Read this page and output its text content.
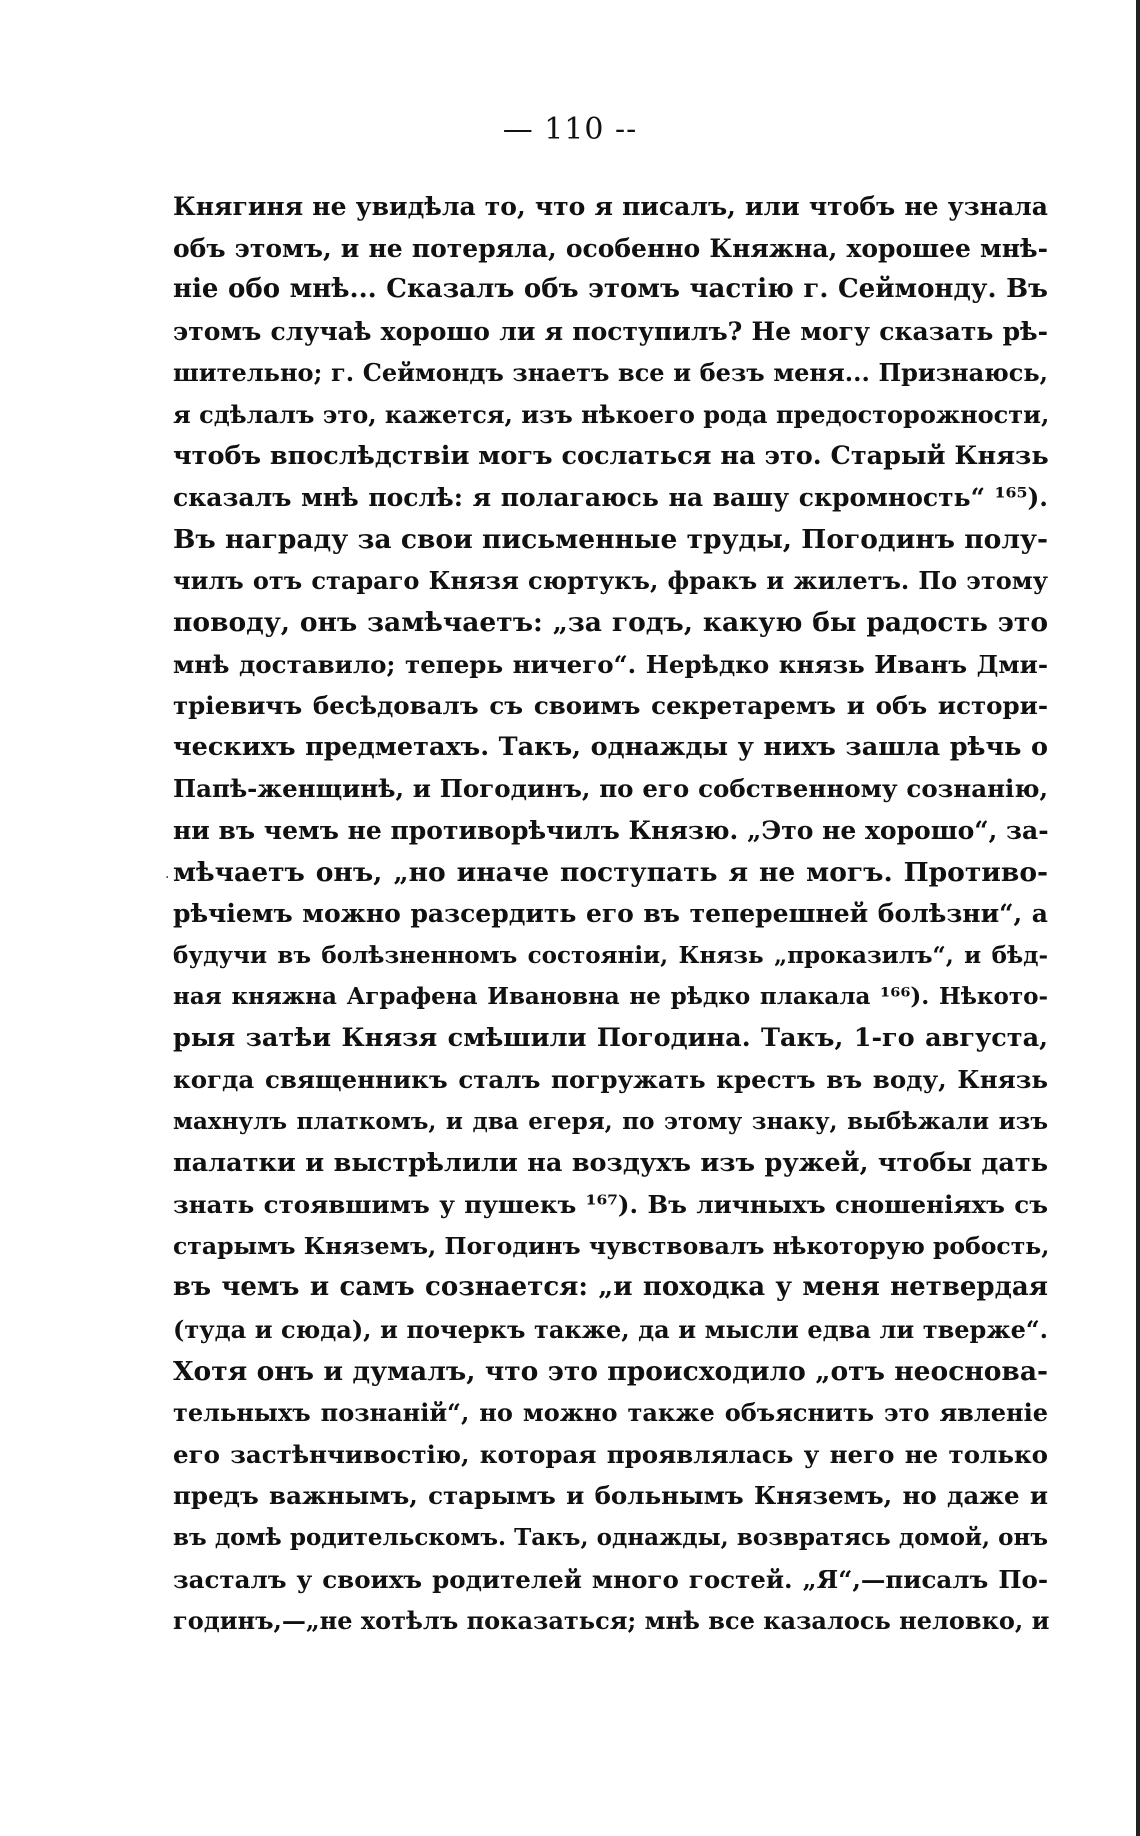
— 110 --
·
Княгиня не увидѣла то, что я писалъ, или чтобъ не узнала
объ этомъ, и не потеряла, особенно Княжна, хорошее мнѣ-
ніе обо мнѣ... Сказалъ объ этомъ частію г. Сеймонду. Въ
этомъ случаѣ хорошо ли я поступилъ? Не могу сказать рѣ-
шительно; г. Сеймондъ знаетъ все и безъ меня... Признаюсь,
я сдѣлалъ это, кажется, изъ нѣкоего рода предосторожности,
чтобъ впослѣдствіи могъ сослаться на это. Старый Князь
сказалъ мнѣ послѣ: я полагаюсь на вашу скромность“ ¹⁶⁵).
Въ награду за свои письменные труды, Погодинъ полу-
чилъ отъ стараго Князя сюртукъ, фракъ и жилетъ. По этому
поводу, онъ замѣчаетъ: „за годъ, какую бы радость это
мнѣ доставило; теперь ничего“. Нерѣдко князь Иванъ Дми-
тріевичъ бесѣдовалъ съ своимъ секретаремъ и объ истори-
ческихъ предметахъ. Такъ, однажды у нихъ зашла рѣчь о
Папѣ-женщинѣ, и Погодинъ, по его собственному сознанію,
ни въ чемъ не противорѣчилъ Князю. „Это не хорошо“, за-
мѣчаетъ онъ, „но иначе поступать я не могъ. Противо-
рѣчіемъ можно разсердить его въ теперешней болѣзни“, а
будучи въ болѣзненномъ состояніи, Князь „проказилъ“, и бѣд-
ная княжна Аграфена Ивановна не рѣдко плакала ¹⁶⁶). Нѣкото-
рыя затѣи Князя смѣшили Погодина. Такъ, 1-го августа,
когда священникъ сталъ погружать крестъ въ воду, Князь
махнулъ платкомъ, и два егеря, по этому знаку, выбѣжали изъ
палатки и выстрѣлили на воздухъ изъ ружей, чтобы дать
знать стоявшимъ у пушекъ ¹⁶⁷). Въ личныхъ сношеніяхъ съ
старымъ Княземъ, Погодинъ чувствовалъ нѣкоторую робость,
въ чемъ и самъ сознается: „и походка у меня нетвердая
(туда и сюда), и почеркъ также, да и мысли едва ли тверже“.
Хотя онъ и думалъ, что это происходило „отъ неоснова-
тельныхъ познаній“, но можно также объяснить это явленіе
его застѣнчивостію, которая проявлялась у него не только
предъ важнымъ, старымъ и больнымъ Княземъ, но даже и
въ домѣ родительскомъ. Такъ, однажды, возвратясь домой, онъ
засталъ у своихъ родителей много гостей. „Я“,—писалъ По-
годинъ,—„не хотѣлъ показаться; мнѣ все казалось неловко, и
